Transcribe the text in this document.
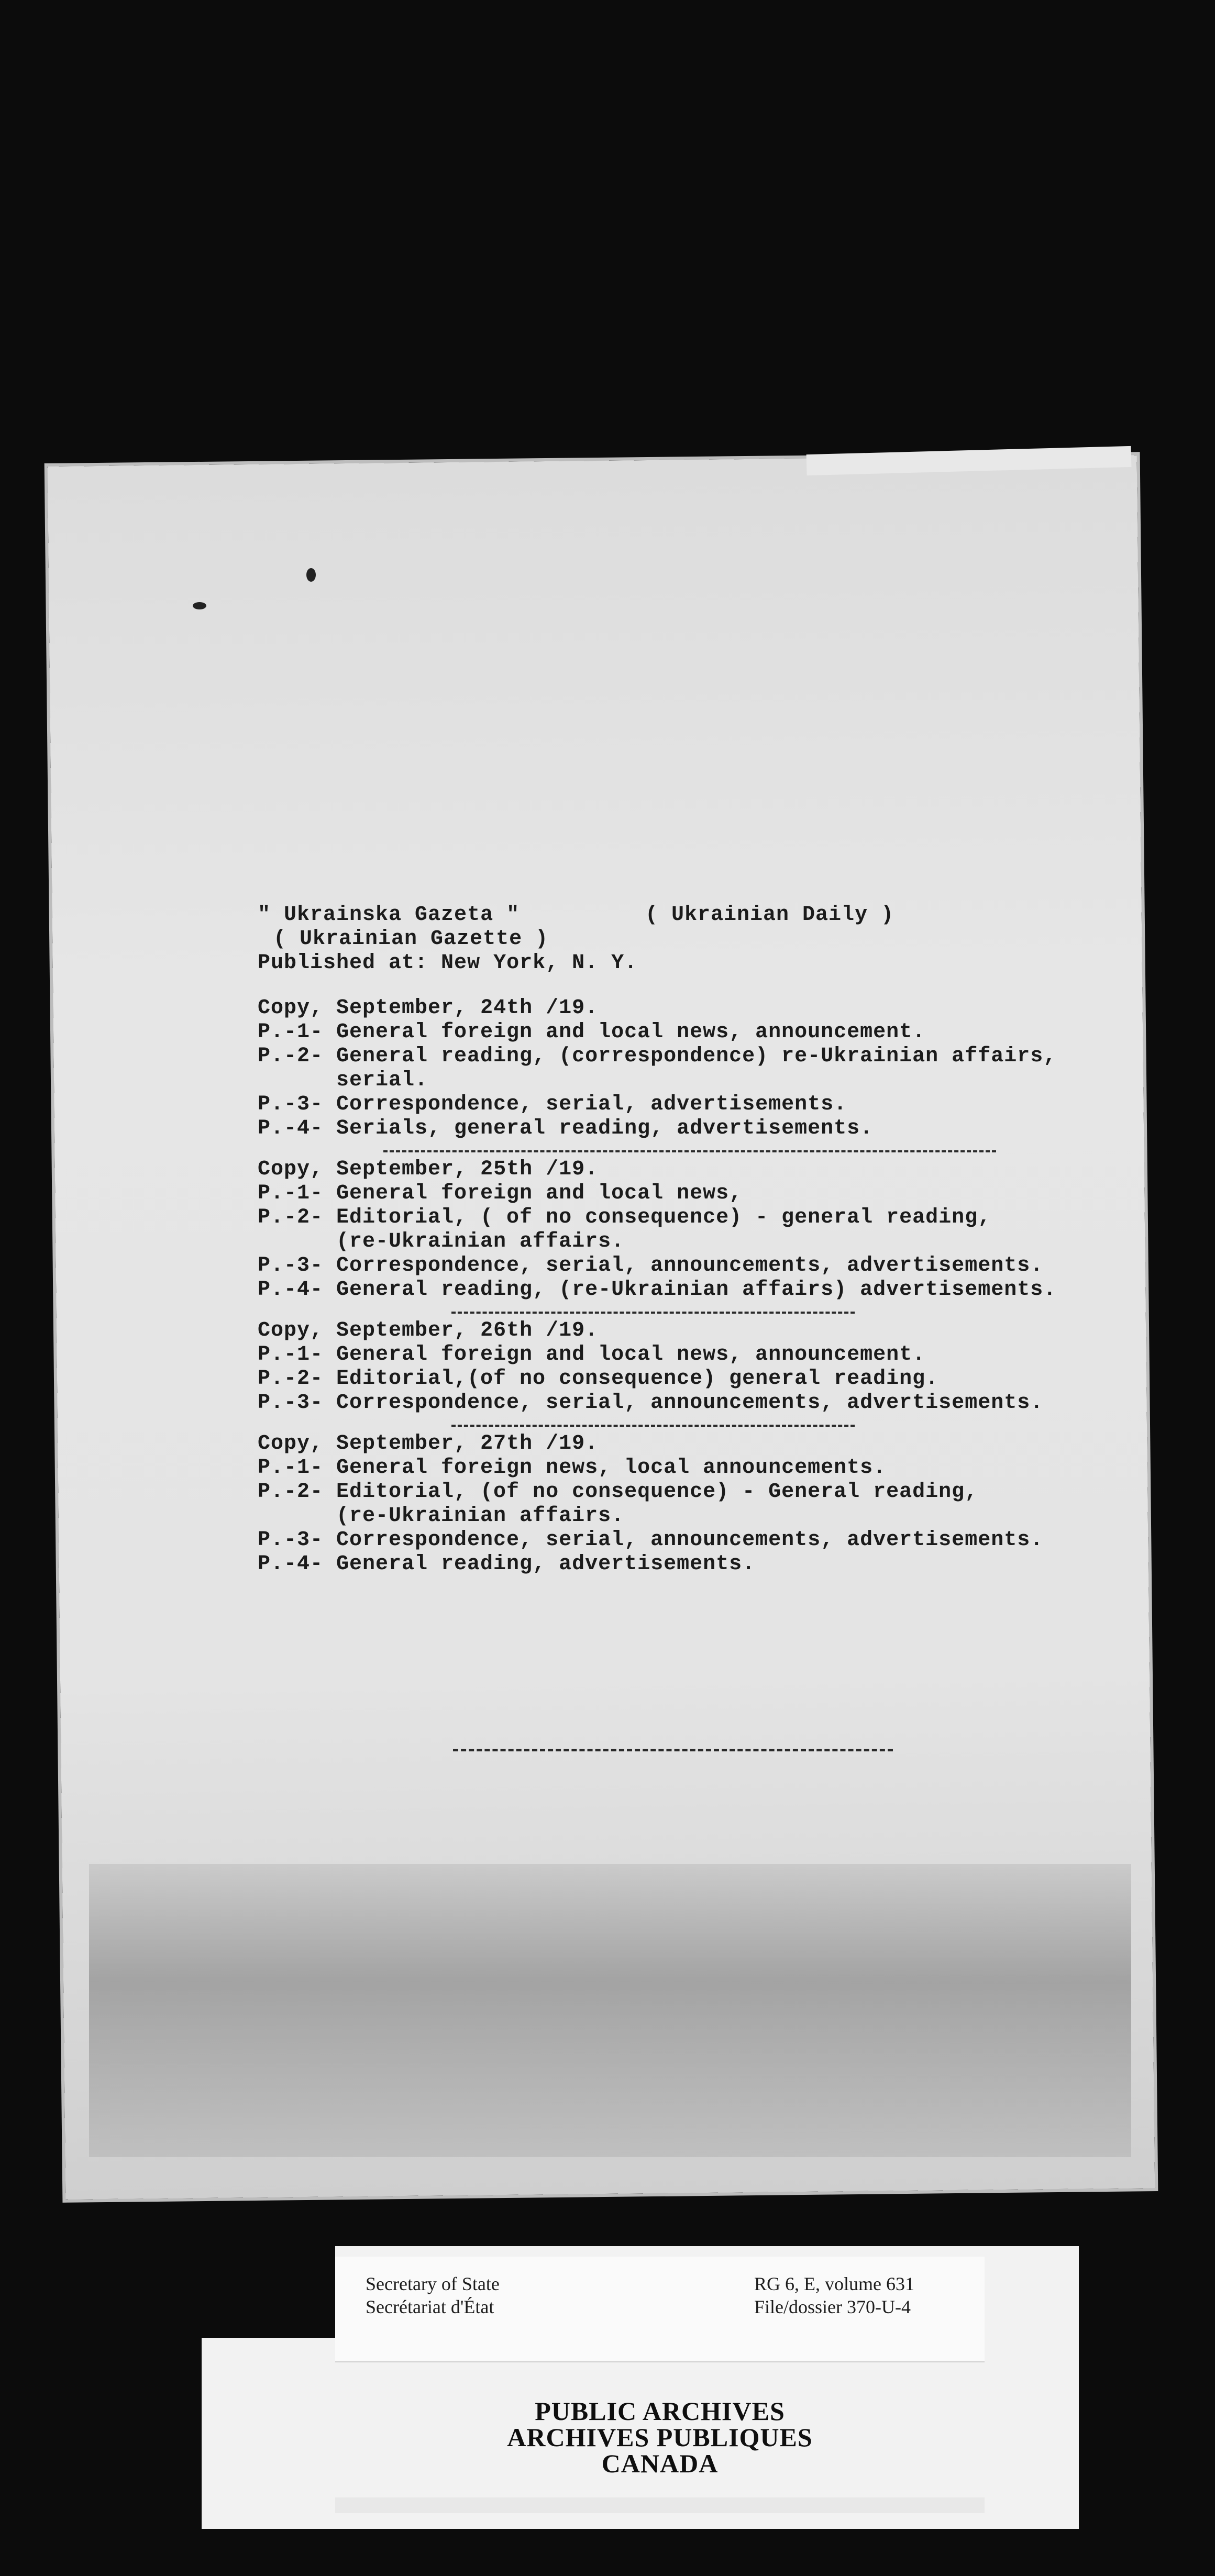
" Ukrainska Gazeta "	( Ukrainian Daily )
( Ukrainian Gazette )
Published at: New York, N. Y.
Copy, September, 24th /19.
P.-1- General foreign and local news, announcement.
P.-2- General reading, (correspondence) re-Ukrainian affairs,
serial.
P.-3- Correspondence, serial, advertisements.
P.-4- Serials, general reading, advertisements.
Copy, September, 25th /19.
P.-1- General foreign and local news,
P.-2- Editorial, ( of no consequence) - general reading,
(re-Ukrainian affairs.
P.-3- Correspondence, serial, announcements, advertisements.
P.-4- General reading, (re-Ukrainian affairs) advertisements.
Copy, September, 26th /19.
P.-1- General foreign and local news, announcement.
P.-2- Editorial,(of no consequence) general reading.
P.-3- Correspondence, serial, announcements, advertisements.
Copy, September, 27th /19.
P.-1- General foreign news, local announcements.
P.-2- Editorial, (of no consequence) - General reading,
(re-Ukrainian affairs.
P.-3- Correspondence, serial, announcements, advertisements.
P.-4- General reading, advertisements.
Secretary of State
Secrétariat d'État
RG 6, E, volume 631
File/dossier 370-U-4
PUBLIC ARCHIVES
ARCHIVES PUBLIQUES
CANADA
